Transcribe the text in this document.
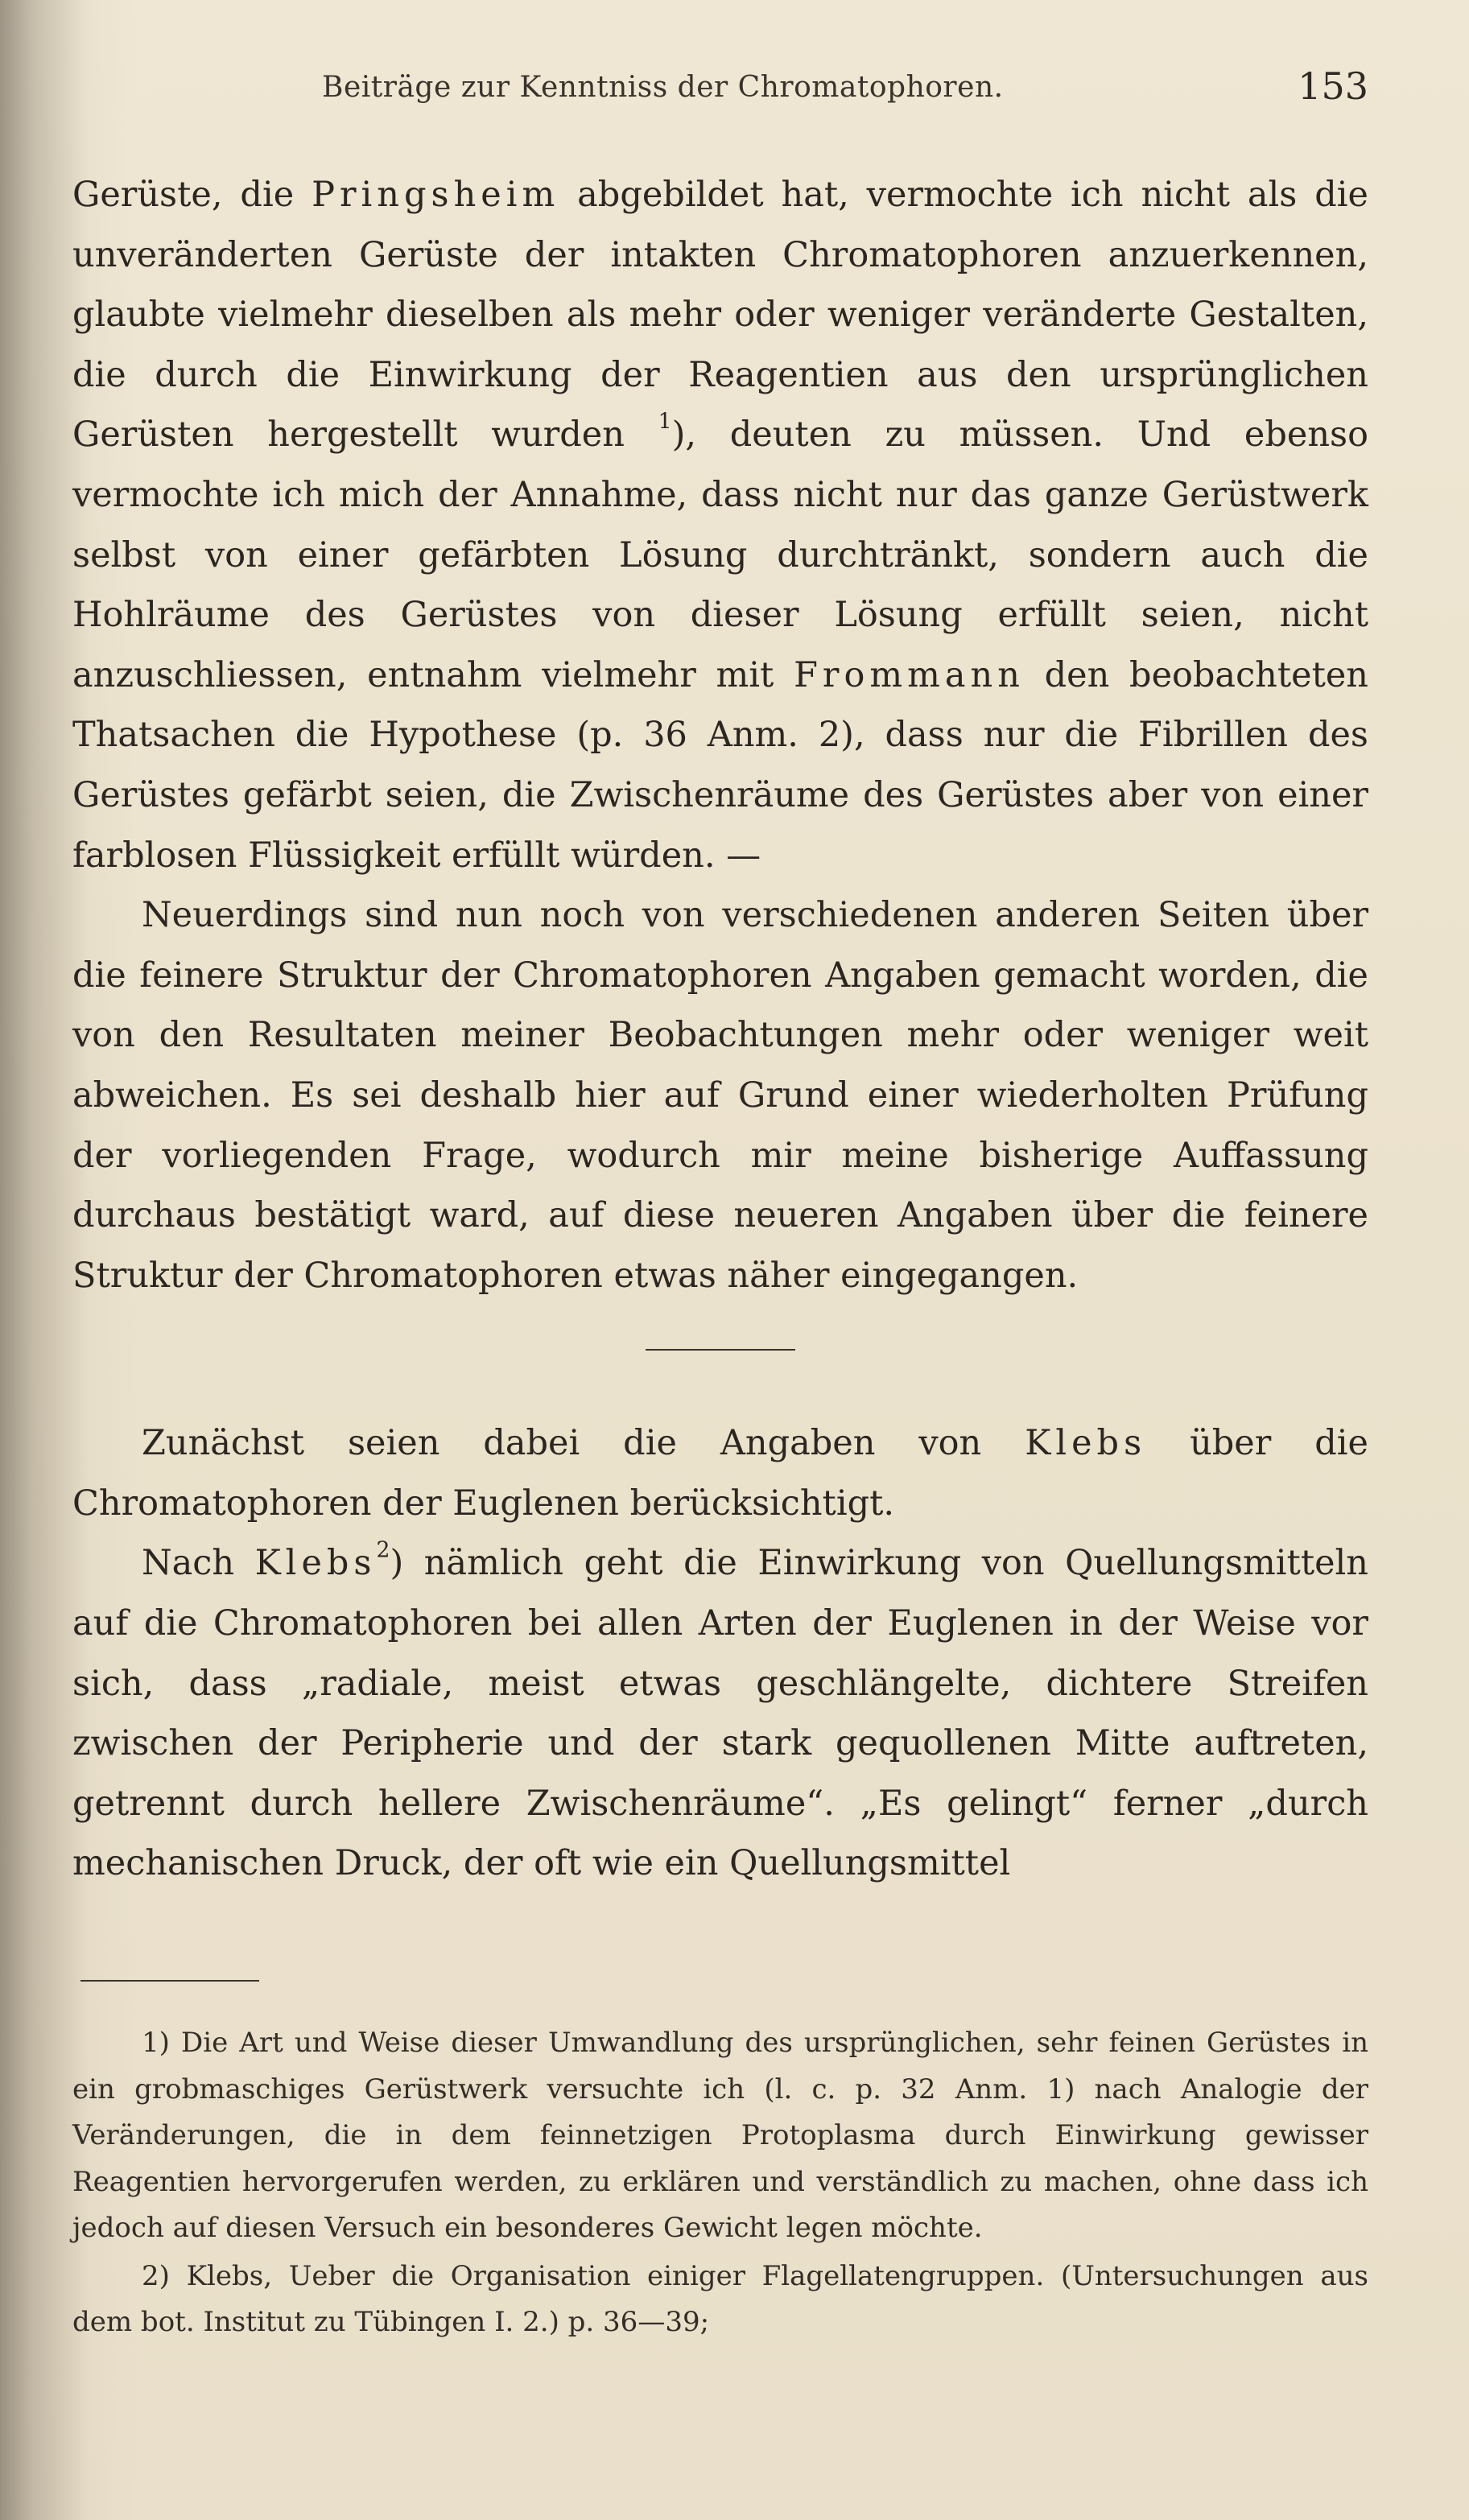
Beiträge zur Kenntniss der Chromatophoren.	153

Gerüste, die Pringsheim abgebildet hat, vermochte ich nicht als die unveränderten Gerüste der intakten Chromatophoren anzuerkennen, glaubte vielmehr dieselben als mehr oder weniger veränderte Gestalten, die durch die Einwirkung der Reagentien aus den ursprünglichen Gerüsten hergestellt wurden $^1$), deuten zu müssen. Und ebenso vermochte ich mich der Annahme, dass nicht nur das ganze Gerüstwerk selbst von einer gefärbten Lösung durchtränkt, sondern auch die Hohlräume des Gerüstes von dieser Lösung erfüllt seien, nicht anzuschliessen, entnahm vielmehr mit Frommann den beobachteten Thatsachen die Hypothese (p. 36 Anm. 2), dass nur die Fibrillen des Gerüstes gefärbt seien, die Zwischenräume des Gerüstes aber von einer farblosen Flüssigkeit erfüllt würden. —

Neuerdings sind nun noch von verschiedenen anderen Seiten über die feinere Struktur der Chromatophoren Angaben gemacht worden, die von den Resultaten meiner Beobachtungen mehr oder weniger weit abweichen. Es sei deshalb hier auf Grund einer wiederholten Prüfung der vorliegenden Frage, wodurch mir meine bisherige Auffassung durchaus bestätigt ward, auf diese neueren Angaben über die feinere Struktur der Chromatophoren etwas näher eingegangen.

Zunächst seien dabei die Angaben von Klebs über die Chromatophoren der Euglenen berücksichtigt.

Nach Klebs$^2$) nämlich geht die Einwirkung von Quellungsmitteln auf die Chromatophoren bei allen Arten der Euglenen in der Weise vor sich, dass „radiale, meist etwas geschlängelte, dichtere Streifen zwischen der Peripherie und der stark gequollenen Mitte auftreten, getrennt durch hellere Zwischenräume“. „Es gelingt“ ferner „durch mechanischen Druck, der oft wie ein Quellungsmittel

1) Die Art und Weise dieser Umwandlung des ursprünglichen, sehr feinen Gerüstes in ein grobmaschiges Gerüstwerk versuchte ich (l. c. p. 32 Anm. 1) nach Analogie der Veränderungen, die in dem feinnetzigen Protoplasma durch Einwirkung gewisser Reagentien hervorgerufen werden, zu erklären und verständlich zu machen, ohne dass ich jedoch auf diesen Versuch ein besonderes Gewicht legen möchte.

2) Klebs, Ueber die Organisation einiger Flagellatengruppen. (Untersuchungen aus dem bot. Institut zu Tübingen I. 2.) p. 36—39;
